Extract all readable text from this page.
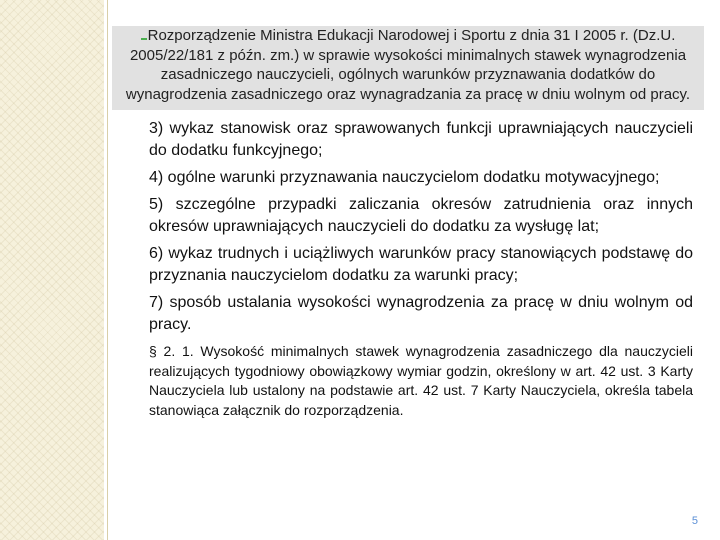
Rozporządzenie Ministra Edukacji Narodowej i Sportu z dnia 31 I 2005 r. (Dz.U. 2005/22/181 z późn. zm.) w sprawie wysokości minimalnych stawek wynagrodzenia zasadniczego nauczycieli, ogólnych warunków przyznawania dodatków do wynagrodzenia zasadniczego oraz wynagradzania za pracę w dniu wolnym od pracy.

3) wykaz stanowisk oraz sprawowanych funkcji uprawniających nauczycieli do dodatku funkcyjnego;
4) ogólne warunki przyznawania nauczycielom dodatku motywacyjnego;
5) szczególne przypadki zaliczania okresów zatrudnienia oraz innych okresów uprawniających nauczycieli do dodatku za wysługę lat;
6) wykaz trudnych i uciążliwych warunków pracy stanowiących podstawę do przyznania nauczycielom dodatku za warunki pracy;
7) sposób ustalania wysokości wynagrodzenia za pracę w dniu wolnym od pracy.
§ 2. 1. Wysokość minimalnych stawek wynagrodzenia zasadniczego dla nauczycieli realizujących tygodniowy obowiązkowy wymiar godzin, określony w art. 42 ust. 3 Karty Nauczyciela lub ustalony na podstawie art. 42 ust. 7 Karty Nauczyciela, określa tabela stanowiąca załącznik do rozporządzenia.
5
